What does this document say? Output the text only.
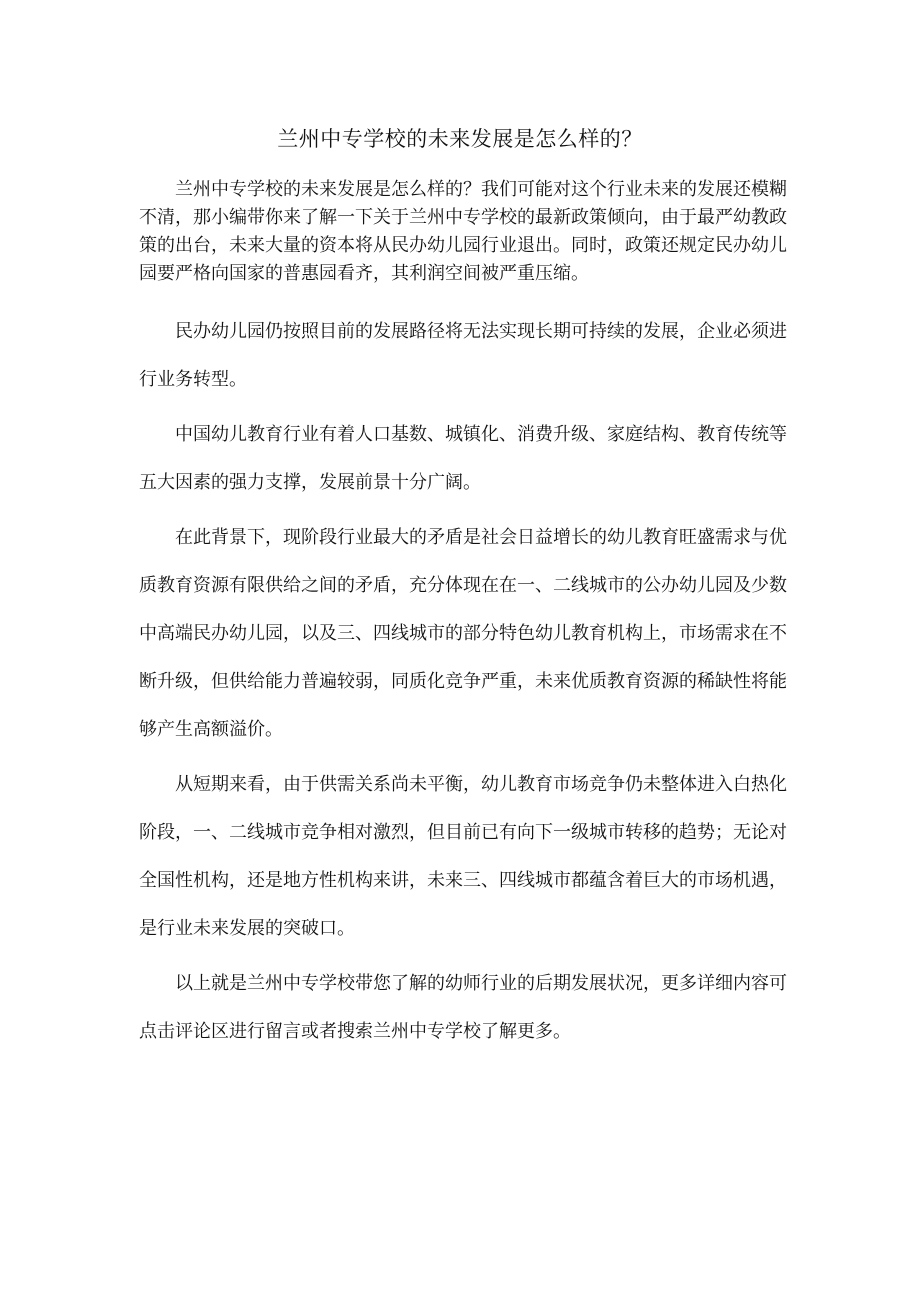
兰州中专学校的未来发展是怎么样的？

兰州中专学校的未来发展是怎么样的？我们可能对这个行业未来的发展还模糊不清，那小编带你来了解一下关于兰州中专学校的最新政策倾向，由于最严幼教政策的出台，未来大量的资本将从民办幼儿园行业退出。同时，政策还规定民办幼儿园要严格向国家的普惠园看齐，其利润空间被严重压缩。

民办幼儿园仍按照目前的发展路径将无法实现长期可持续的发展，企业必须进行业务转型。

中国幼儿教育行业有着人口基数、城镇化、消费升级、家庭结构、教育传统等五大因素的强力支撑，发展前景十分广阔。

在此背景下，现阶段行业最大的矛盾是社会日益增长的幼儿教育旺盛需求与优质教育资源有限供给之间的矛盾，充分体现在在一、二线城市的公办幼儿园及少数中高端民办幼儿园，以及三、四线城市的部分特色幼儿教育机构上，市场需求在不断升级，但供给能力普遍较弱，同质化竞争严重，未来优质教育资源的稀缺性将能够产生高额溢价。

从短期来看，由于供需关系尚未平衡，幼儿教育市场竞争仍未整体进入白热化阶段，一、二线城市竞争相对激烈，但目前已有向下一级城市转移的趋势；无论对全国性机构，还是地方性机构来讲，未来三、四线城市都蕴含着巨大的市场机遇，是行业未来发展的突破口。

以上就是兰州中专学校带您了解的幼师行业的后期发展状况，更多详细内容可点击评论区进行留言或者搜索兰州中专学校了解更多。
